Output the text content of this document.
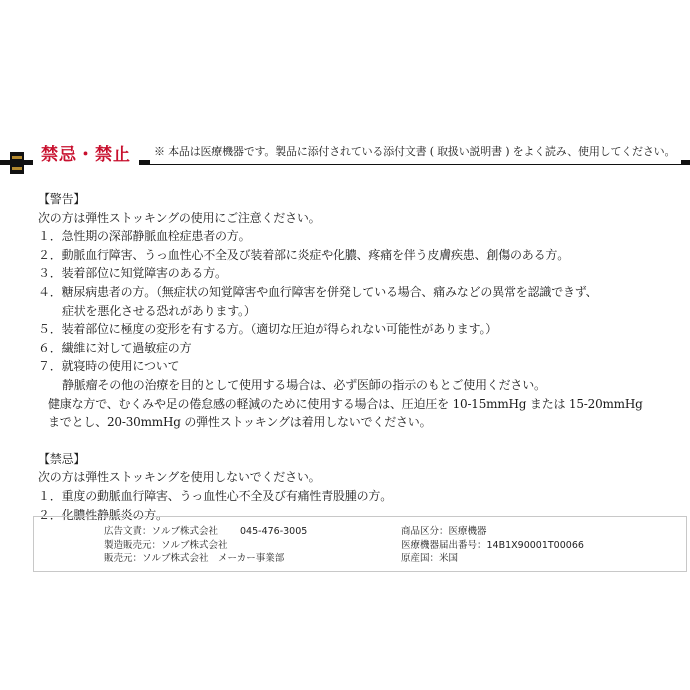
禁忌・禁止 ※ 本品は医療機器です。製品に添付されている添付文書 ( 取扱い説明書 ) をよく読み、使用してください。
【警告】
次の方は弾性ストッキングの使用にご注意ください。
１．急性期の深部静脈血栓症患者の方。
２．動脈血行障害、うっ血性心不全及び装着部に炎症や化膿、疼痛を伴う皮膚疾患、創傷のある方。
３．装着部位に知覚障害のある方。
４．糖尿病患者の方。（無症状の知覚障害や血行障害を併発している場合、痛みなどの異常を認識できず、
症状を悪化させる恐れがあります。）
５．装着部位に極度の変形を有する方。（適切な圧迫が得られない可能性があります。）
６．繊維に対して過敏症の方
７．就寝時の使用について
静脈瘤その他の治療を目的として使用する場合は、必ず医師の指示のもとご使用ください。
健康な方で、むくみや足の倦怠感の軽減のために使用する場合は、圧迫圧を 10-15mmHg または 15-20mmHg
までとし、20-30mmHg の弾性ストッキングは着用しないでください。
【禁忌】
次の方は弾性ストッキングを使用しないでください。
１．重度の動脈血行障害、うっ血性心不全及び有痛性青股腫の方。
２．化膿性静脈炎の方。
広告文責：ソルブ株式会社 045-476-3005
製造販売元：ソルブ株式会社
販売元：ソルブ株式会社　メーカー事業部
商品区分：医療機器
医療機器届出番号：14B1X90001T00066
原産国：米国
